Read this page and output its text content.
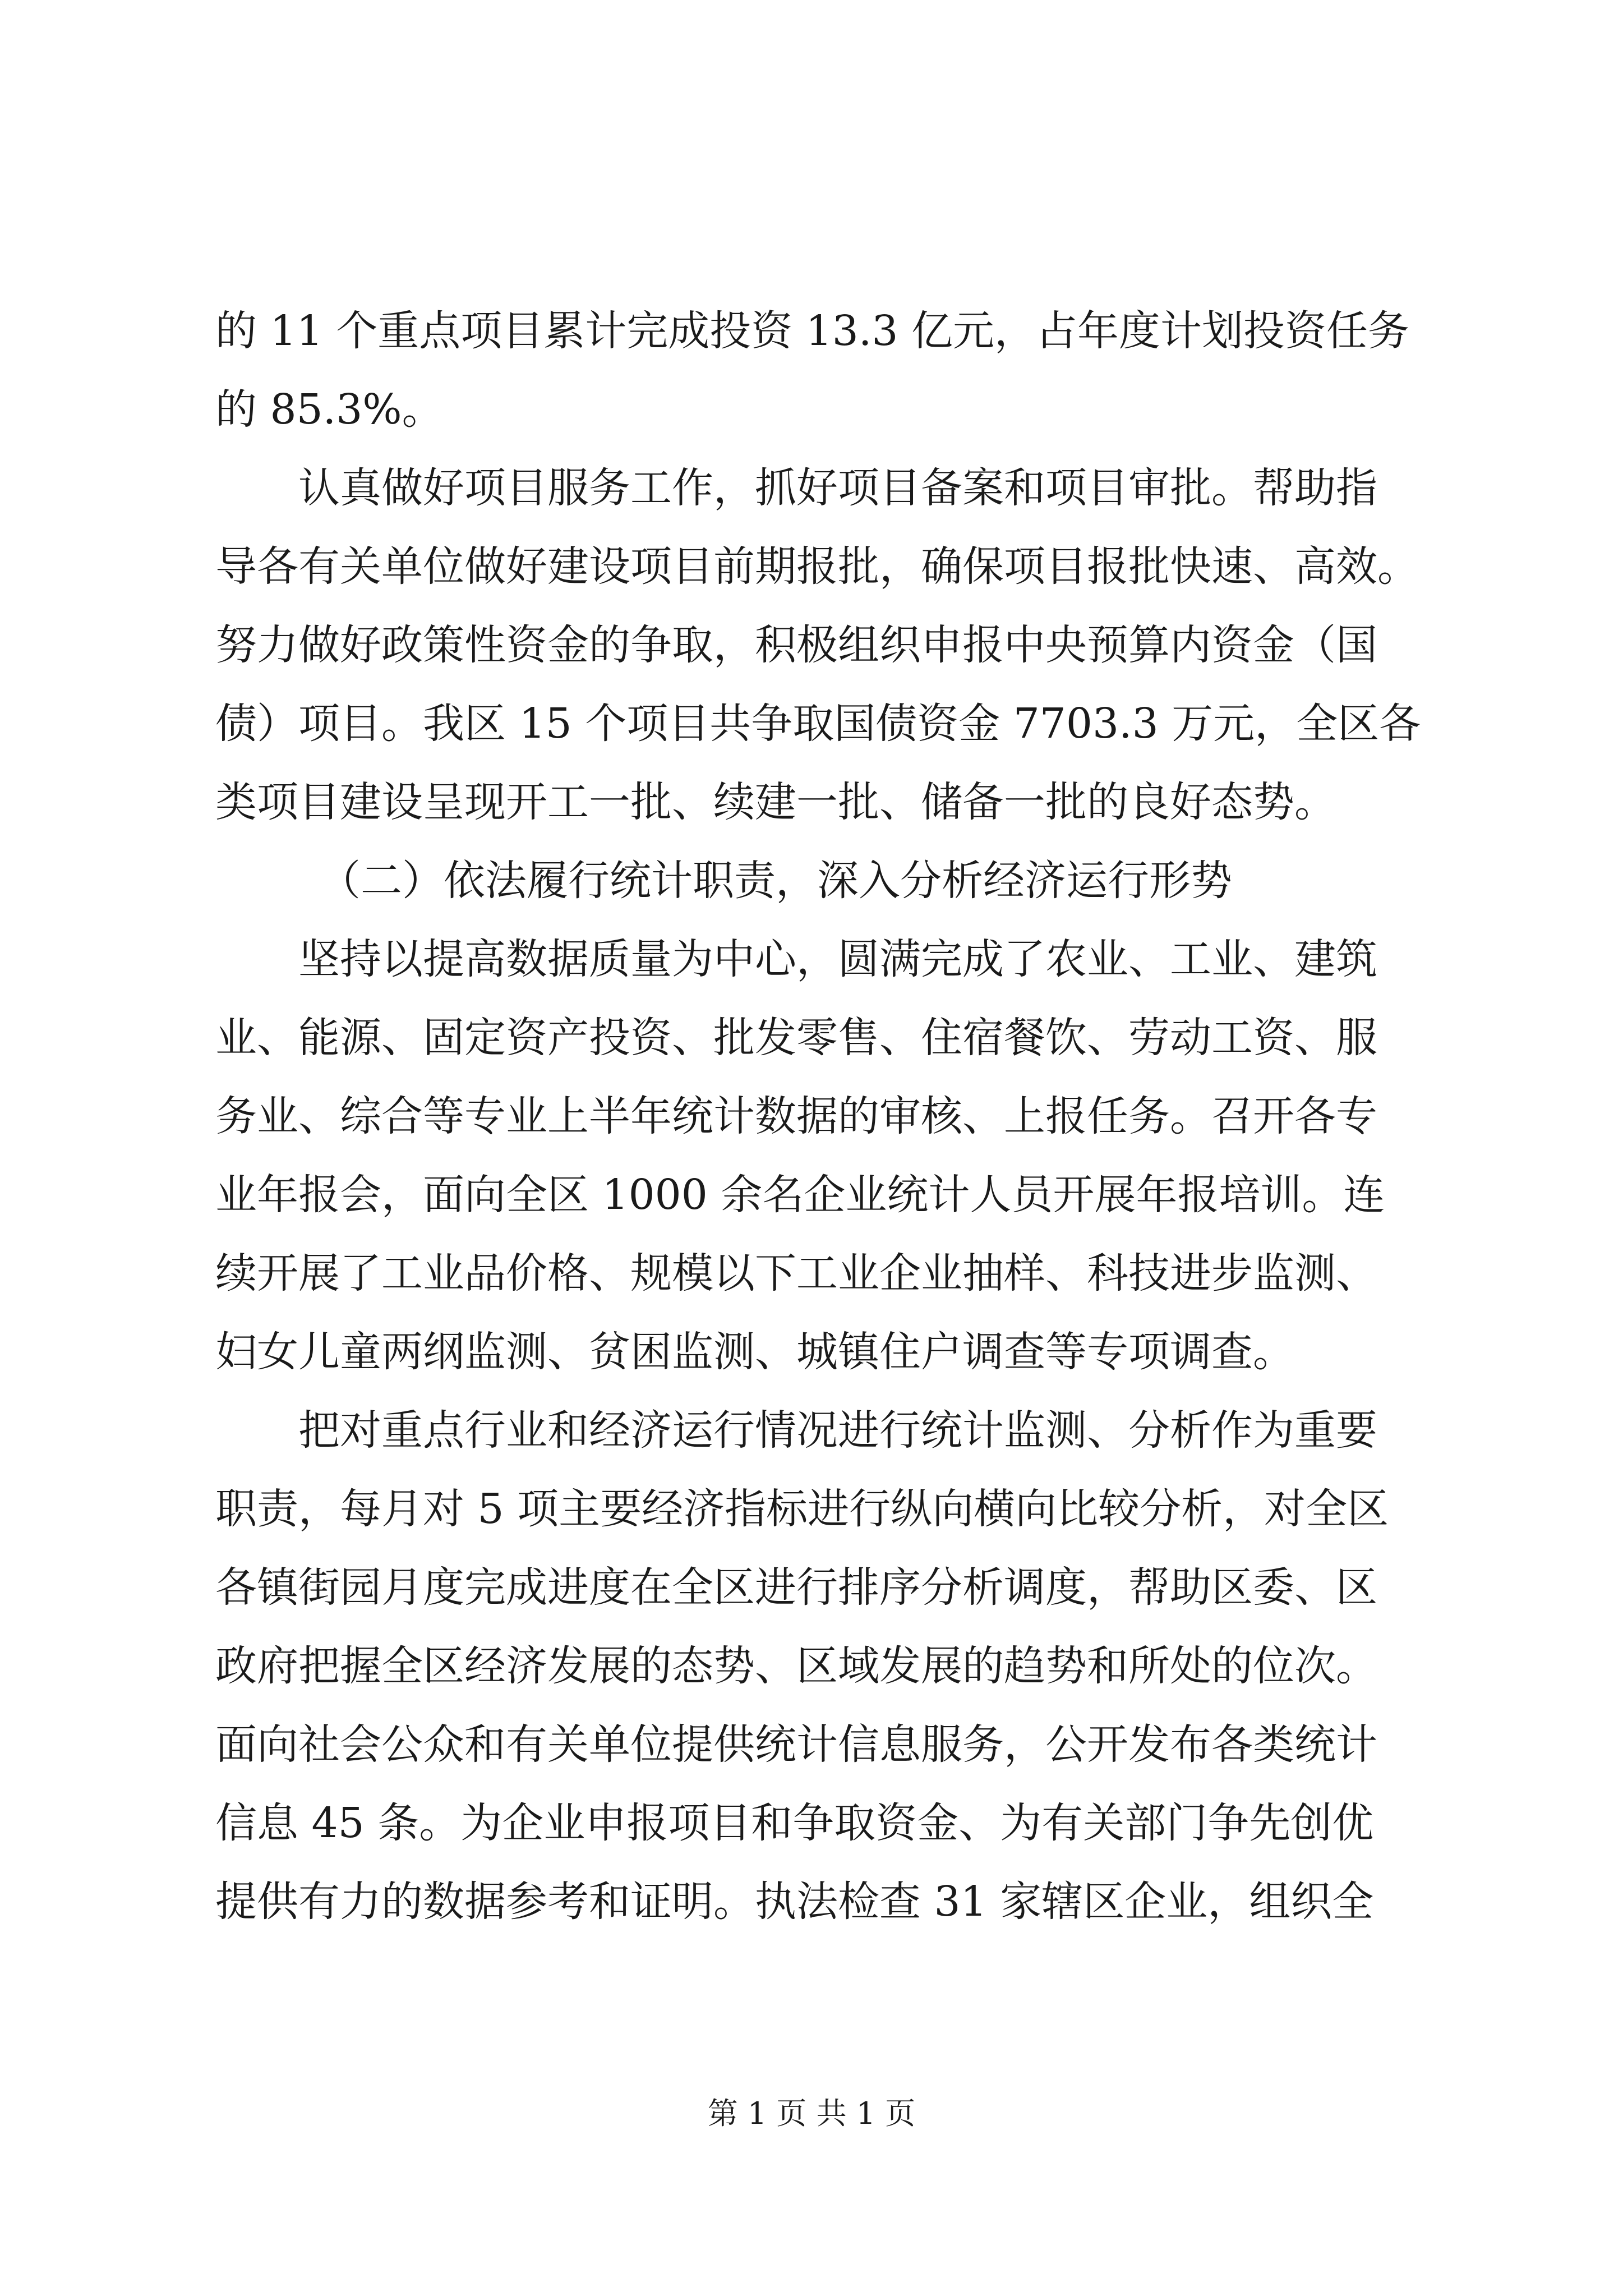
的 11 个重点项目累计完成投资 13.3 亿元，占年度计划投资任务
的 85.3%。
认真做好项目服务工作，抓好项目备案和项目审批。帮助指
导各有关单位做好建设项目前期报批，确保项目报批快速、高效。
努力做好政策性资金的争取，积极组织申报中央预算内资金（国
债）项目。我区 15 个项目共争取国债资金 7703.3 万元，全区各
类项目建设呈现开工一批、续建一批、储备一批的良好态势。
（二）依法履行统计职责，深入分析经济运行形势
坚持以提高数据质量为中心，圆满完成了农业、工业、建筑
业、能源、固定资产投资、批发零售、住宿餐饮、劳动工资、服
务业、综合等专业上半年统计数据的审核、上报任务。召开各专
业年报会，面向全区 1000 余名企业统计人员开展年报培训。连
续开展了工业品价格、规模以下工业企业抽样、科技进步监测、
妇女儿童两纲监测、贫困监测、城镇住户调查等专项调查。
把对重点行业和经济运行情况进行统计监测、分析作为重要
职责，每月对 5 项主要经济指标进行纵向横向比较分析，对全区
各镇街园月度完成进度在全区进行排序分析调度，帮助区委、区
政府把握全区经济发展的态势、区域发展的趋势和所处的位次。
面向社会公众和有关单位提供统计信息服务，公开发布各类统计
信息 45 条。为企业申报项目和争取资金、为有关部门争先创优
提供有力的数据参考和证明。执法检查 31 家辖区企业，组织全
第 1 页 共 1 页
